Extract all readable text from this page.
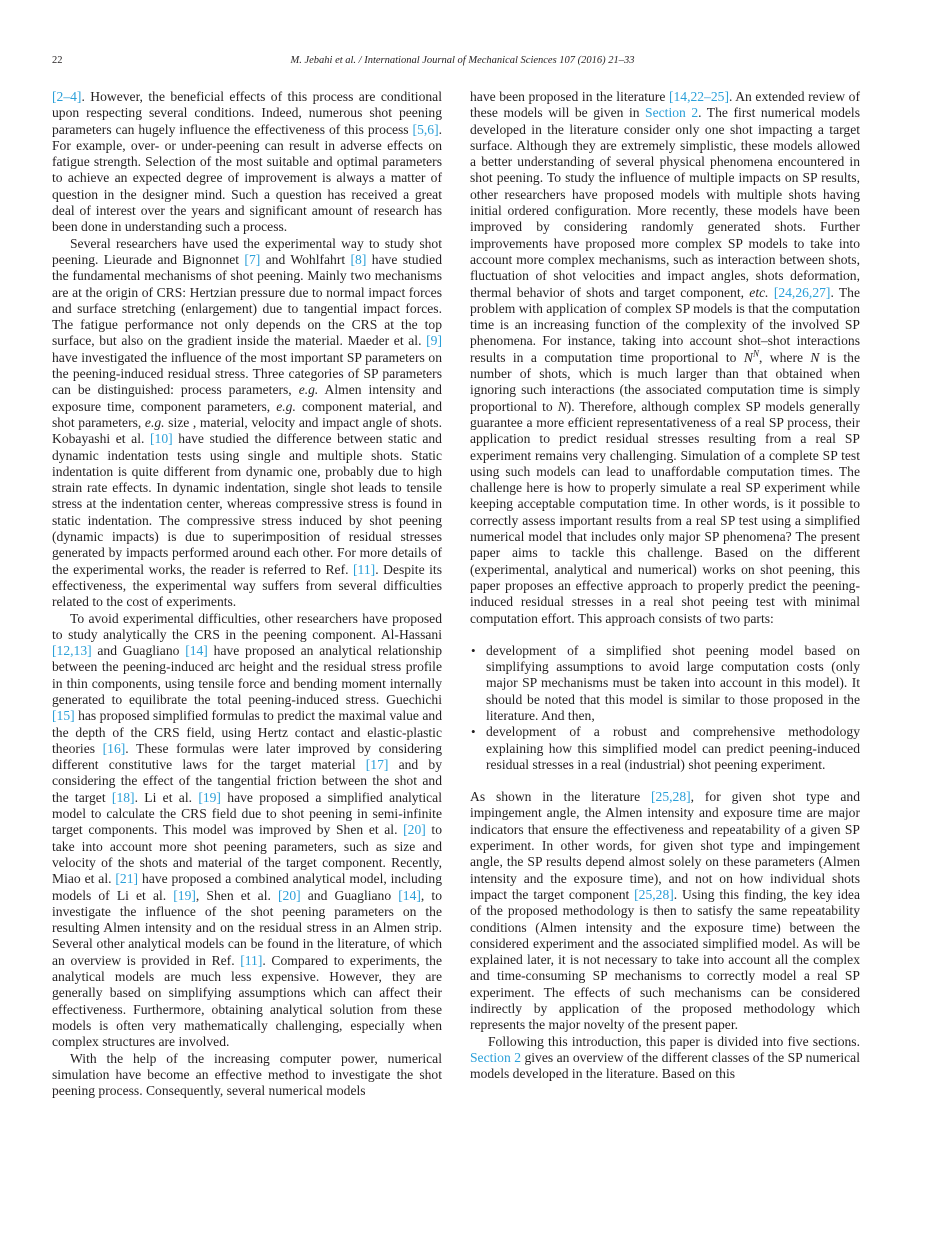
22	M. Jebahi et al. / International Journal of Mechanical Sciences 107 (2016) 21–33

[2–4]. However, the beneficial effects of this process are conditional upon respecting several conditions. Indeed, numerous shot peening parameters can hugely influence the effectiveness of this process [5,6]. For example, over- or under-peening can result in adverse effects on fatigue strength. Selection of the most suitable and optimal parameters to achieve an expected degree of improvement is always a matter of question in the designer mind. Such a question has received a great deal of interest over the years and significant amount of research has been done in understanding such a process.

Several researchers have used the experimental way to study shot peening. Lieurade and Bignonnet [7] and Wohlfahrt [8] have studied the fundamental mechanisms of shot peening. Mainly two mechanisms are at the origin of CRS: Hertzian pressure due to normal impact forces and surface stretching (enlargement) due to tangential impact forces. The fatigue performance not only depends on the CRS at the top surface, but also on the gradient inside the material. Maeder et al. [9] have investigated the influence of the most important SP parameters on the peening-induced residual stress. Three categories of SP parameters can be distinguished: process parameters, e.g. Almen intensity and exposure time, component parameters, e.g. component material, and shot parameters, e.g. size , material, velocity and impact angle of shots. Kobayashi et al. [10] have studied the difference between static and dynamic indentation tests using single and multiple shots. Static indentation is quite different from dynamic one, probably due to high strain rate effects. In dynamic indentation, single shot leads to tensile stress at the indentation center, whereas compressive stress is found in static indentation. The compressive stress induced by shot peening (dynamic impacts) is due to superimposition of residual stresses generated by impacts performed around each other. For more details of the experimental works, the reader is referred to Ref. [11]. Despite its effectiveness, the experimental way suffers from several difficulties related to the cost of experiments.

To avoid experimental difficulties, other researchers have proposed to study analytically the CRS in the peening component. Al-Hassani [12,13] and Guagliano [14] have proposed an analytical relationship between the peening-induced arc height and the residual stress profile in thin components, using tensile force and bending moment internally generated to equilibrate the total peening-induced stress. Guechichi [15] has proposed simplified formulas to predict the maximal value and the depth of the CRS field, using Hertz contact and elastic-plastic theories [16]. These formulas were later improved by considering different constitutive laws for the target material [17] and by considering the effect of the tangential friction between the shot and the target [18]. Li et al. [19] have proposed a simplified analytical model to calculate the CRS field due to shot peening in semi-infinite target components. This model was improved by Shen et al. [20] to take into account more shot peening parameters, such as size and velocity of the shots and material of the target component. Recently, Miao et al. [21] have proposed a combined analytical model, including models of Li et al. [19], Shen et al. [20] and Guagliano [14], to investigate the influence of the shot peening parameters on the resulting Almen intensity and on the residual stress in an Almen strip. Several other analytical models can be found in the literature, of which an overview is provided in Ref. [11]. Compared to experiments, the analytical models are much less expensive. However, they are generally based on simplifying assumptions which can affect their effectiveness. Furthermore, obtaining analytical solution from these models is often very mathematically challenging, especially when complex structures are involved.

With the help of the increasing computer power, numerical simulation have become an effective method to investigate the shot peening process. Consequently, several numerical models

have been proposed in the literature [14,22–25]. An extended review of these models will be given in Section 2. The first numerical models developed in the literature consider only one shot impacting a target surface. Although they are extremely simplistic, these models allowed a better understanding of several physical phenomena encountered in shot peening. To study the influence of multiple impacts on SP results, other researchers have proposed models with multiple shots having initial ordered configuration. More recently, these models have been improved by considering randomly generated shots. Further improvements have proposed more complex SP models to take into account more complex mechanisms, such as interaction between shots, fluctuation of shot velocities and impact angles, shots deformation, thermal behavior of shots and target component, etc. [24,26,27]. The problem with application of complex SP models is that the computation time is an increasing function of the complexity of the involved SP phenomena. For instance, taking into account shot–shot interactions results in a computation time proportional to $N^N$, where N is the number of shots, which is much larger than that obtained when ignoring such interactions (the associated computation time is simply proportional to N). Therefore, although complex SP models generally guarantee a more efficient representativeness of a real SP process, their application to predict residual stresses resulting from a real SP experiment remains very challenging. Simulation of a complete SP test using such models can lead to unaffordable computation times. The challenge here is how to properly simulate a real SP experiment while keeping acceptable computation time. In other words, is it possible to correctly assess important results from a real SP test using a simplified numerical model that includes only major SP phenomena? The present paper aims to tackle this challenge. Based on the different (experimental, analytical and numerical) works on shot peening, this paper proposes an effective approach to properly predict the peening-induced residual stresses in a real shot peeing test with minimal computation effort. This approach consists of two parts:

• development of a simplified shot peening model based on simplifying assumptions to avoid large computation costs (only major SP mechanisms must be taken into account in this model). It should be noted that this model is similar to those proposed in the literature. And then,
• development of a robust and comprehensive methodology explaining how this simplified model can predict peening-induced residual stresses in a real (industrial) shot peening experiment.

As shown in the literature [25,28], for given shot type and impingement angle, the Almen intensity and exposure time are major indicators that ensure the effectiveness and repeatability of a given SP experiment. In other words, for given shot type and impingement angle, the SP results depend almost solely on these parameters (Almen intensity and the exposure time), and not on how individual shots impact the target component [25,28]. Using this finding, the key idea of the proposed methodology is then to satisfy the same repeatability conditions (Almen intensity and the exposure time) between the considered experiment and the associated simplified model. As will be explained later, it is not necessary to take into account all the complex and time-consuming SP mechanisms to correctly model a real SP experiment. The effects of such mechanisms can be considered indirectly by application of the proposed methodology which represents the major novelty of the present paper.

Following this introduction, this paper is divided into five sections. Section 2 gives an overview of the different classes of the SP numerical models developed in the literature. Based on this
